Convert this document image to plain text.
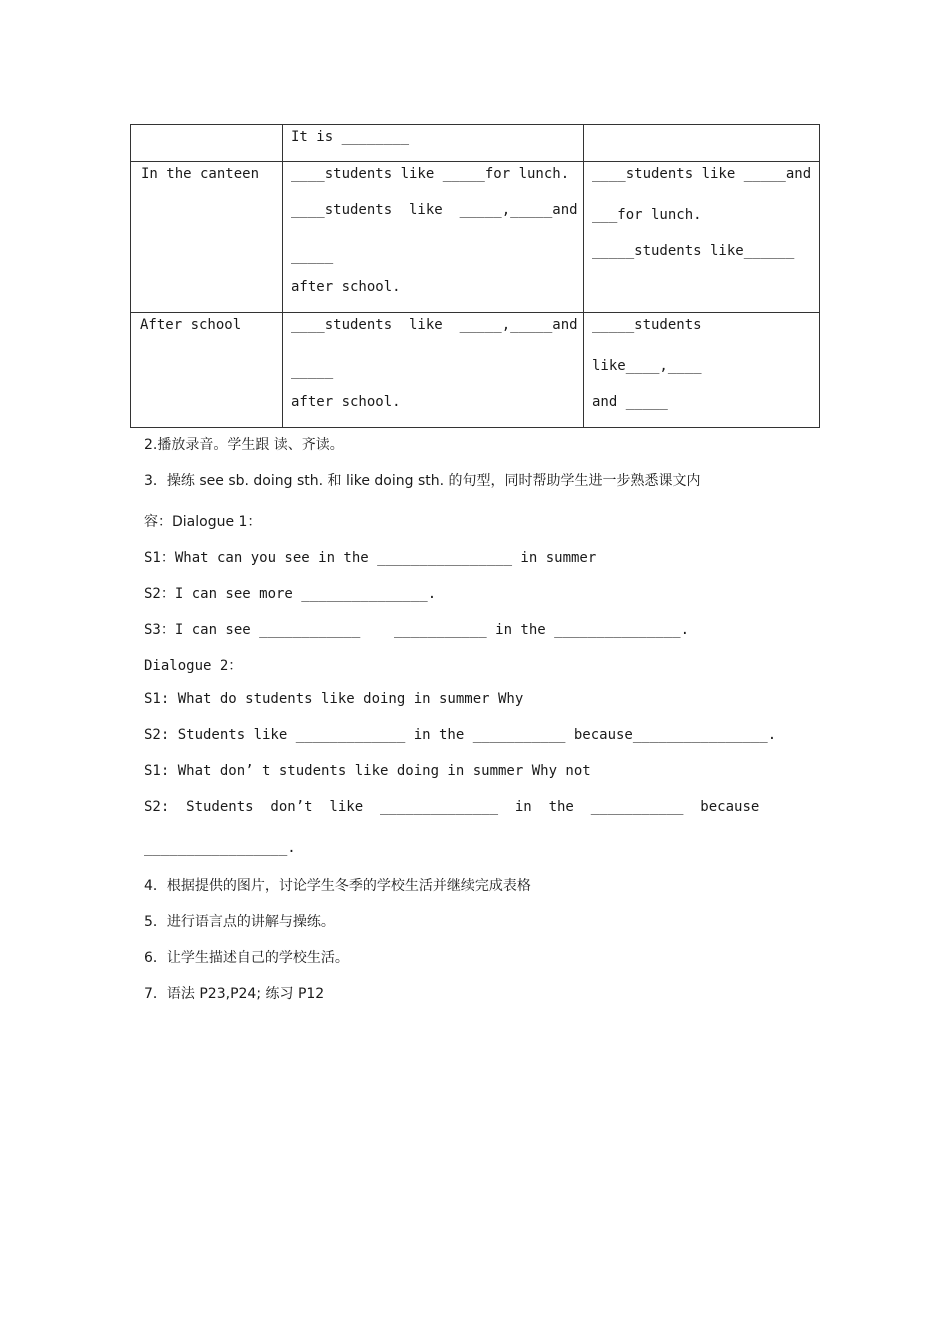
	It is ________	

In the canteen	____students like _____for lunch.
____students  like  _____,_____and
_____
after school.	____students like _____and
___for lunch.
_____students like______

After school	____students  like  _____,_____and
_____
after school.	_____students
like____,____
and _____
2.播放录音。学生跟 读、齐读。
3．操练 see sb. doing sth. 和 like doing sth. 的句型，同时帮助学生进一步熟悉课文内
容：Dialogue 1：
S1：What can you see in the ________________ in summer
S2：I can see more _______________.
S3：I can see ____________    ___________ in the _______________.
Dialogue 2：
S1: What do students like doing in summer Why
S2: Students like _____________ in the ___________ because________________.
S1: What don’ t students like doing in summer Why not
S2:  Students  don’t  like  ______________  in  the  ___________  because
_________________.
4．根据提供的图片，讨论学生冬季的学校生活并继续完成表格
5．进行语言点的讲解与操练。
6．让学生描述自己的学校生活。
7．语法 P23,P24; 练习 P12
